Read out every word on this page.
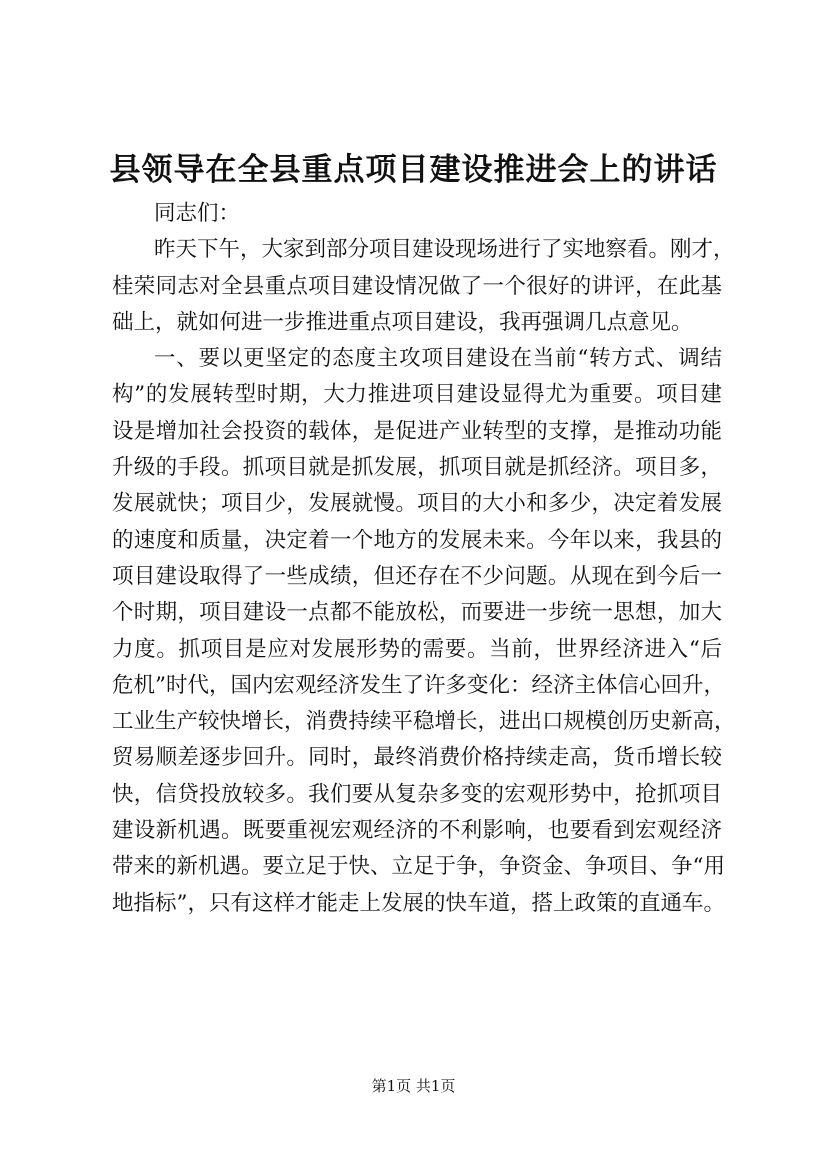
县领导在全县重点项目建设推进会上的讲话
同志们：
昨天下午，大家到部分项目建设现场进行了实地察看。刚才，
桂荣同志对全县重点项目建设情况做了一个很好的讲评，在此基
础上，就如何进一步推进重点项目建设，我再强调几点意见。
一、要以更坚定的态度主攻项目建设在当前“转方式、调结
构”的发展转型时期，大力推进项目建设显得尤为重要。项目建
设是增加社会投资的载体，是促进产业转型的支撑，是推动功能
升级的手段。抓项目就是抓发展，抓项目就是抓经济。项目多，
发展就快；项目少，发展就慢。项目的大小和多少，决定着发展
的速度和质量，决定着一个地方的发展未来。今年以来，我县的
项目建设取得了一些成绩，但还存在不少问题。从现在到今后一
个时期，项目建设一点都不能放松，而要进一步统一思想，加大
力度。抓项目是应对发展形势的需要。当前，世界经济进入“后
危机”时代，国内宏观经济发生了许多变化：经济主体信心回升，
工业生产较快增长，消费持续平稳增长，进出口规模创历史新高，
贸易顺差逐步回升。同时，最终消费价格持续走高，货币增长较
快，信贷投放较多。我们要从复杂多变的宏观形势中，抢抓项目
建设新机遇。既要重视宏观经济的不利影响，也要看到宏观经济
带来的新机遇。要立足于快、立足于争，争资金、争项目、争“用
地指标”，只有这样才能走上发展的快车道，搭上政策的直通车。
第1页 共1页
